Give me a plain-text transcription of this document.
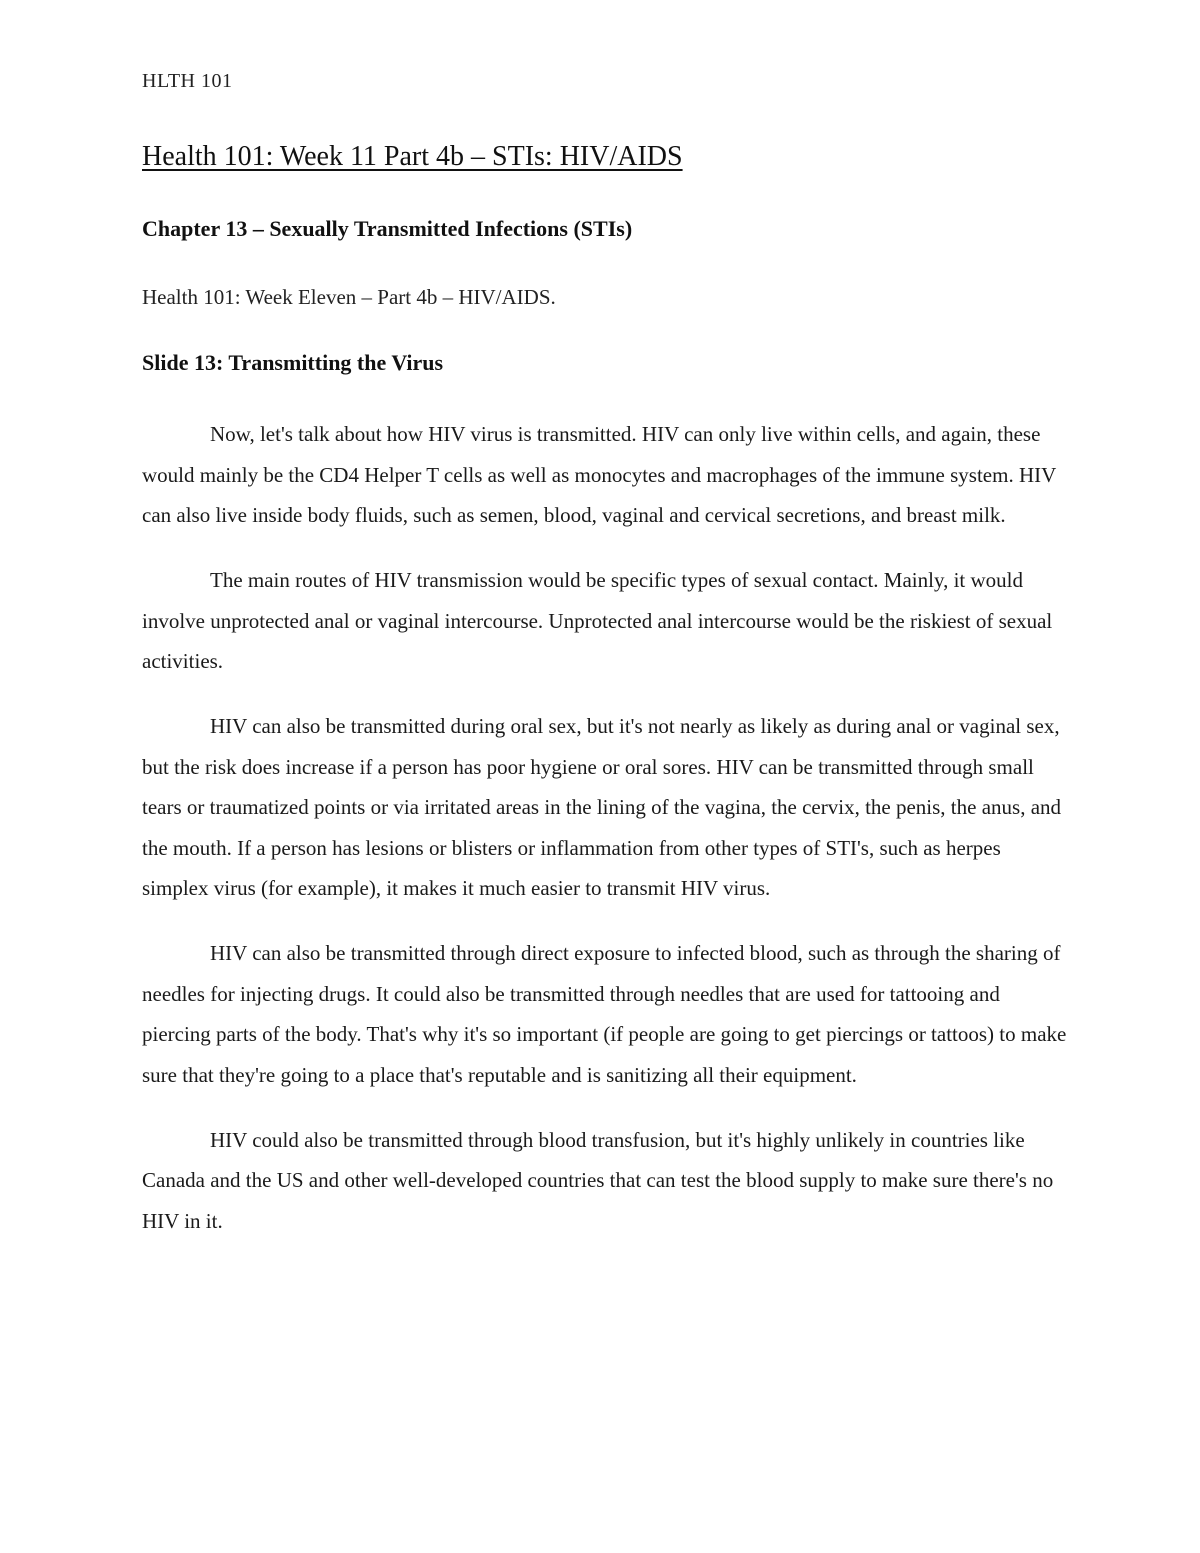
HLTH 101
Health 101: Week 11 Part 4b – STIs: HIV/AIDS
Chapter 13 – Sexually Transmitted Infections (STIs)

Health 101: Week Eleven – Part 4b – HIV/AIDS.

Slide 13: Transmitting the Virus

Now, let's talk about how HIV virus is transmitted. HIV can only live within cells, and again, these would mainly be the CD4 Helper T cells as well as monocytes and macrophages of the immune system. HIV can also live inside body fluids, such as semen, blood, vaginal and cervical secretions, and breast milk.

The main routes of HIV transmission would be specific types of sexual contact. Mainly, it would involve unprotected anal or vaginal intercourse. Unprotected anal intercourse would be the riskiest of sexual activities.

HIV can also be transmitted during oral sex, but it's not nearly as likely as during anal or vaginal sex, but the risk does increase if a person has poor hygiene or oral sores. HIV can be transmitted through small tears or traumatized points or via irritated areas in the lining of the vagina, the cervix, the penis, the anus, and the mouth. If a person has lesions or blisters or inflammation from other types of STI's, such as herpes simplex virus (for example), it makes it much easier to transmit HIV virus.

HIV can also be transmitted through direct exposure to infected blood, such as through the sharing of needles for injecting drugs. It could also be transmitted through needles that are used for tattooing and piercing parts of the body. That's why it's so important (if people are going to get piercings or tattoos) to make sure that they're going to a place that's reputable and is sanitizing all their equipment.

HIV could also be transmitted through blood transfusion, but it's highly unlikely in countries like Canada and the US and other well-developed countries that can test the blood supply to make sure there's no HIV in it.
